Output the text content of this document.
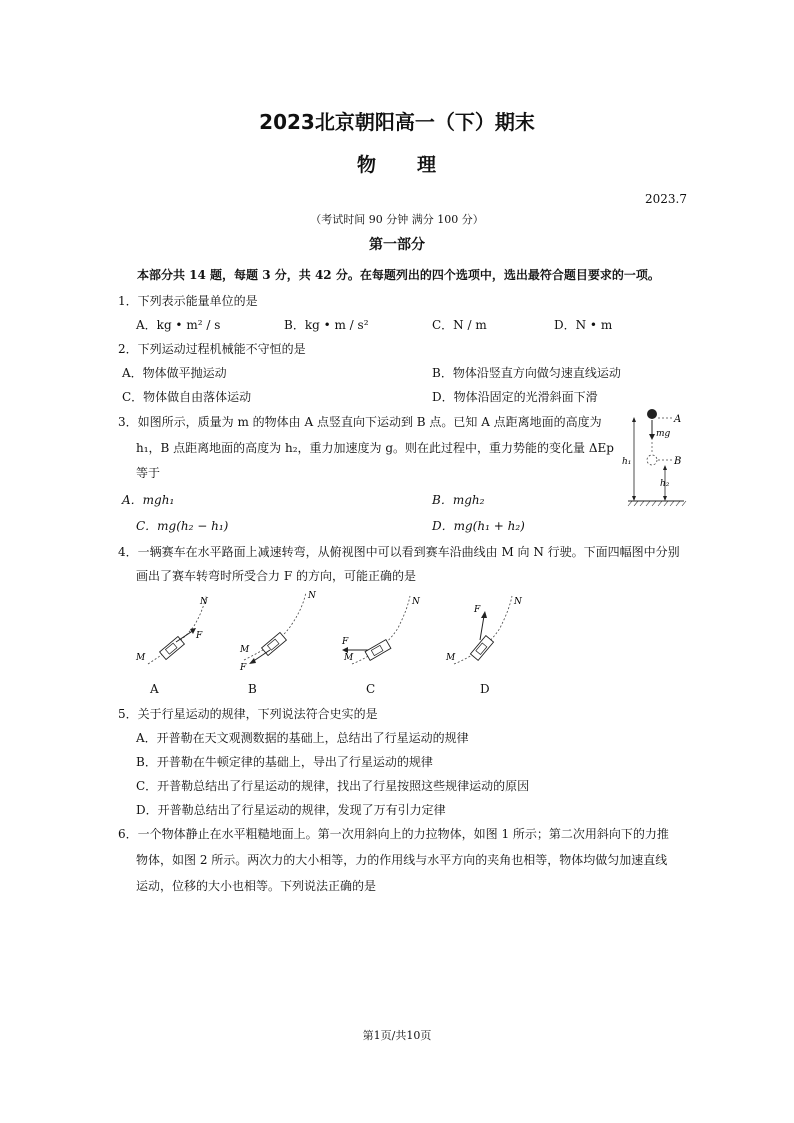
2023北京朝阳高一（下）期末
物　　理
2023.7
（考试时间 90 分钟 满分 100 分）
第一部分
本部分共 14 题，每题 3 分，共 42 分。在每题列出的四个选项中，选出最符合题目要求的一项。
1．下列表示能量单位的是
A．kg • m² / s	B．kg • m / s²	C．N / m	D．N • m
2．下列运动过程机械能不守恒的是
A．物体做平抛运动	B．物体沿竖直方向做匀速直线运动
C．物体做自由落体运动	D．物体沿固定的光滑斜面下滑
3．如图所示，质量为 m 的物体由 A 点竖直向下运动到 B 点。已知 A 点距离地面的高度为
h₁，B 点距离地面的高度为 h₂，重力加速度为 g。则在此过程中，重力势能的变化量 ΔEp
等于
A．mgh₁	B．mgh₂
C．mg(h₂ − h₁)	D．mg(h₁ + h₂)
A
mg
B
h₁
h₂
4．一辆赛车在水平路面上减速转弯，从俯视图中可以看到赛车沿曲线由 M 向 N 行驶。下面四幅图中分别
画出了赛车转弯时所受合力 F 的方向，可能正确的是
N
M
F
A
N
M
F
B
N
M
F
C
N
M
F
D
5．关于行星运动的规律，下列说法符合史实的是
A．开普勒在天文观测数据的基础上，总结出了行星运动的规律
B．开普勒在牛顿定律的基础上，导出了行星运动的规律
C．开普勒总结出了行星运动的规律，找出了行星按照这些规律运动的原因
D．开普勒总结出了行星运动的规律，发现了万有引力定律
6．一个物体静止在水平粗糙地面上。第一次用斜向上的力拉物体，如图 1 所示；第二次用斜向下的力推
物体，如图 2 所示。两次力的大小相等，力的作用线与水平方向的夹角也相等，物体均做匀加速直线
运动，位移的大小也相等。下列说法正确的是
第1页/共10页
